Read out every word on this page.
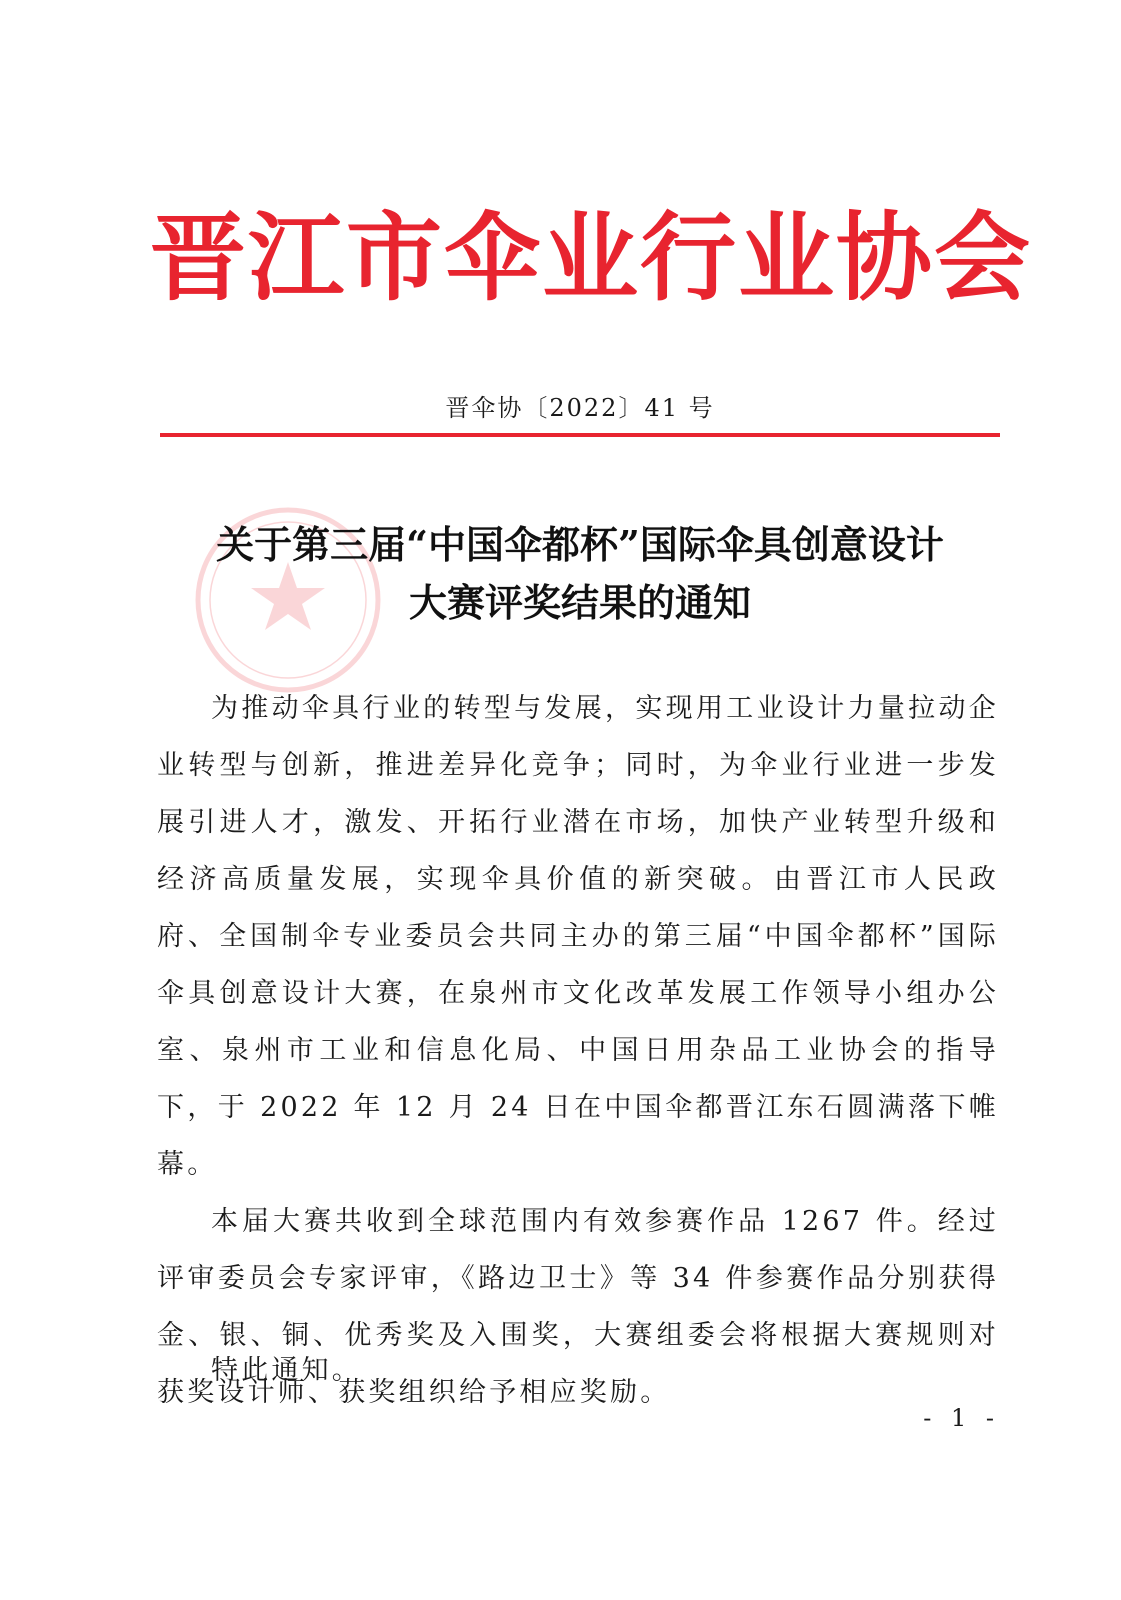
晋江市伞业行业协会
晋伞协〔2022〕41 号
关于第三届“中国伞都杯”国际伞具创意设计
大赛评奖结果的通知

为推动伞具行业的转型与发展，实现用工业设计力量拉动企业转型与创新，推进差异化竞争；同时，为伞业行业进一步发展引进人才，激发、开拓行业潜在市场，加快产业转型升级和经济高质量发展，实现伞具价值的新突破。由晋江市人民政府、全国制伞专业委员会共同主办的第三届“中国伞都杯”国际伞具创意设计大赛，在泉州市文化改革发展工作领导小组办公室、泉州市工业和信息化局、中国日用杂品工业协会的指导下，于 2022 年 12 月 24 日在中国伞都晋江东石圆满落下帷幕。

本届大赛共收到全球范围内有效参赛作品 1267 件。经过评审委员会专家评审，《路边卫士》等 34 件参赛作品分别获得金、银、铜、优秀奖及入围奖，大赛组委会将根据大赛规则对获奖设计师、获奖组织给予相应奖励。

特此通知。
- 1 -
